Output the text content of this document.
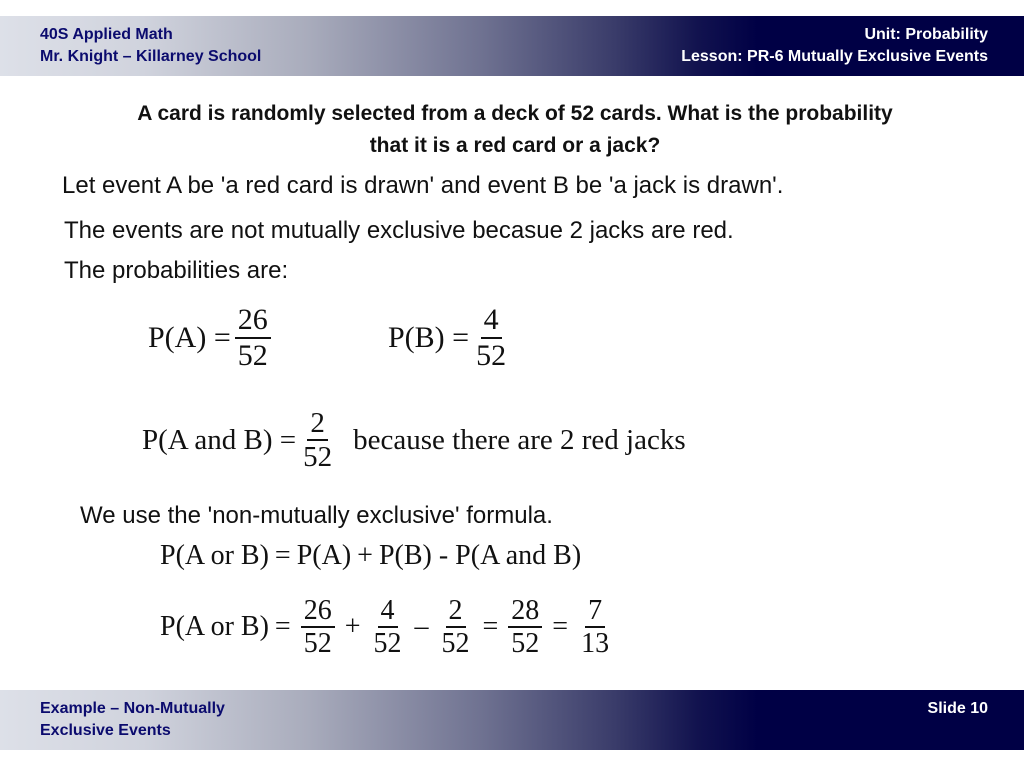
40S Applied Math
Mr. Knight – Killarney School
Unit: Probability
Lesson: PR-6 Mutually Exclusive Events
A card is randomly selected from a deck of 52 cards. What is the probability
that it is a red card or a jack?
Let event A be 'a red card is drawn' and event B be 'a jack is drawn'.
The events are not mutually exclusive becasue 2 jacks are red.
The probabilities are:
$P(A) = \frac{26}{52}$	$P(B) = \frac{4}{52}$
P(A and $B) = \frac{2}{52}$ because there are 2 red jacks
We use the 'non-mutually exclusive' formula.
P(A or B) = P(A) + P(B) - P(A and B)
P(A or $B) = \frac{26}{52} + \frac{4}{52} - \frac{2}{52} = \frac{28}{52} = \frac{7}{13}$
Example – Non-Mutually
Exclusive Events
Slide 10
